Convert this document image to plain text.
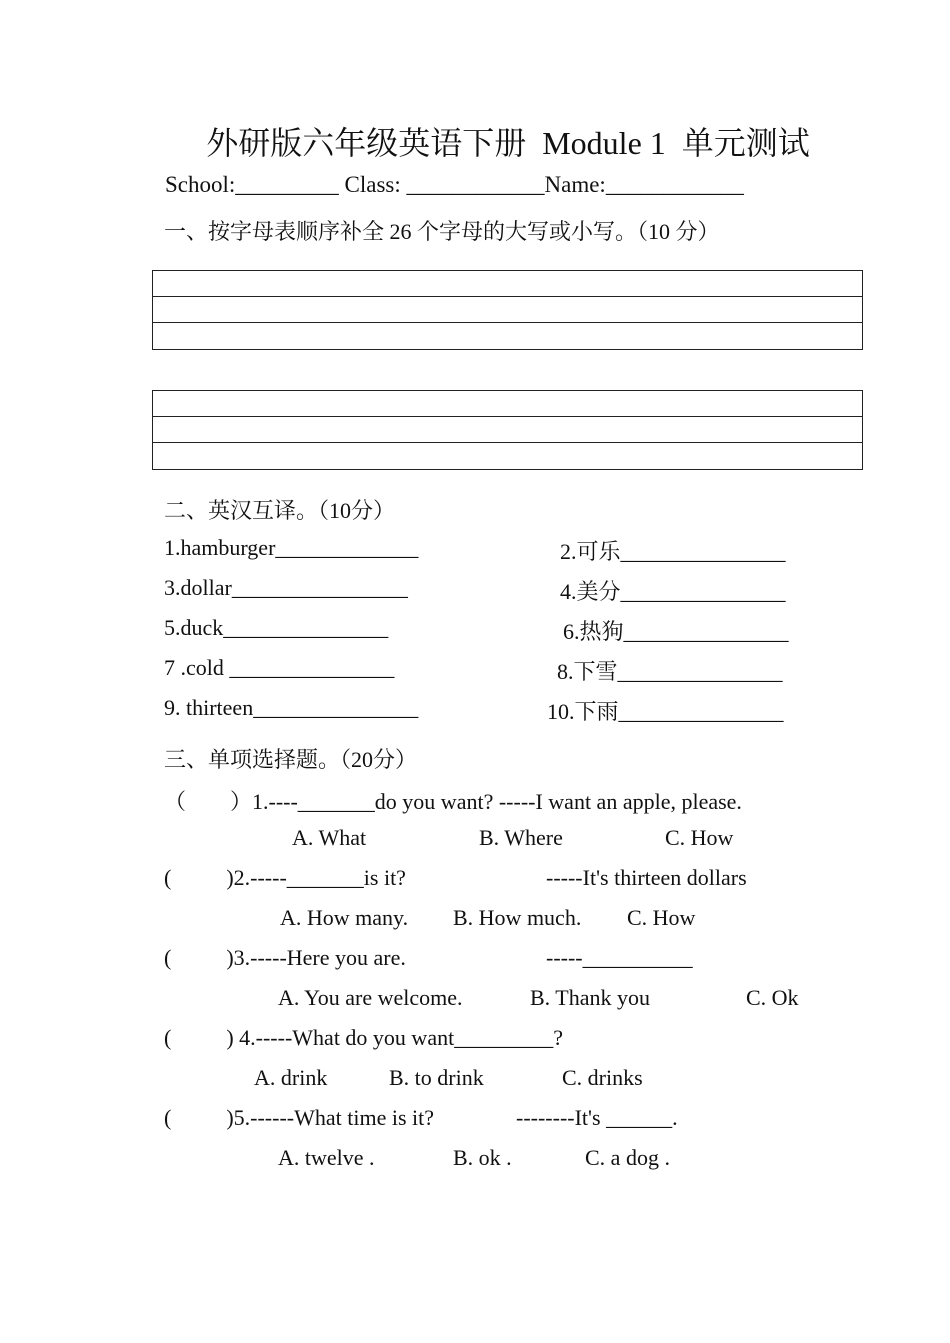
外研版六年级英语下册  Module 1  单元测试
School:_________ Class: ____________Name:____________
一、按字母表顺序补全 26 个字母的大写或小写。（10 分）
二、英汉互译。（10分）
1.hamburger_____________	2.可乐_______________
3.dollar________________	4.美分_______________
5.duck_______________	6.热狗_______________
7 .cold _______________	8.下雪_______________
9. thirteen_______________	10.下雨_______________
三、单项选择题。（20分）
（        ）1.----_______do you want? -----I want an apple, please.
A. What	B. Where	C. How
(          )2.-----_______is it?	-----It's thirteen dollars
A. How many. B. How much. C. How
(          )3.-----Here you are.	-----__________
A. You are welcome.	B. Thank you	C. Ok
(          ) 4.-----What do you want_________?
A. drink	B. to drink	C. drinks
(          )5.------What time is it?	--------It's ______.
A. twelve .	B. ok .	C. a dog .
